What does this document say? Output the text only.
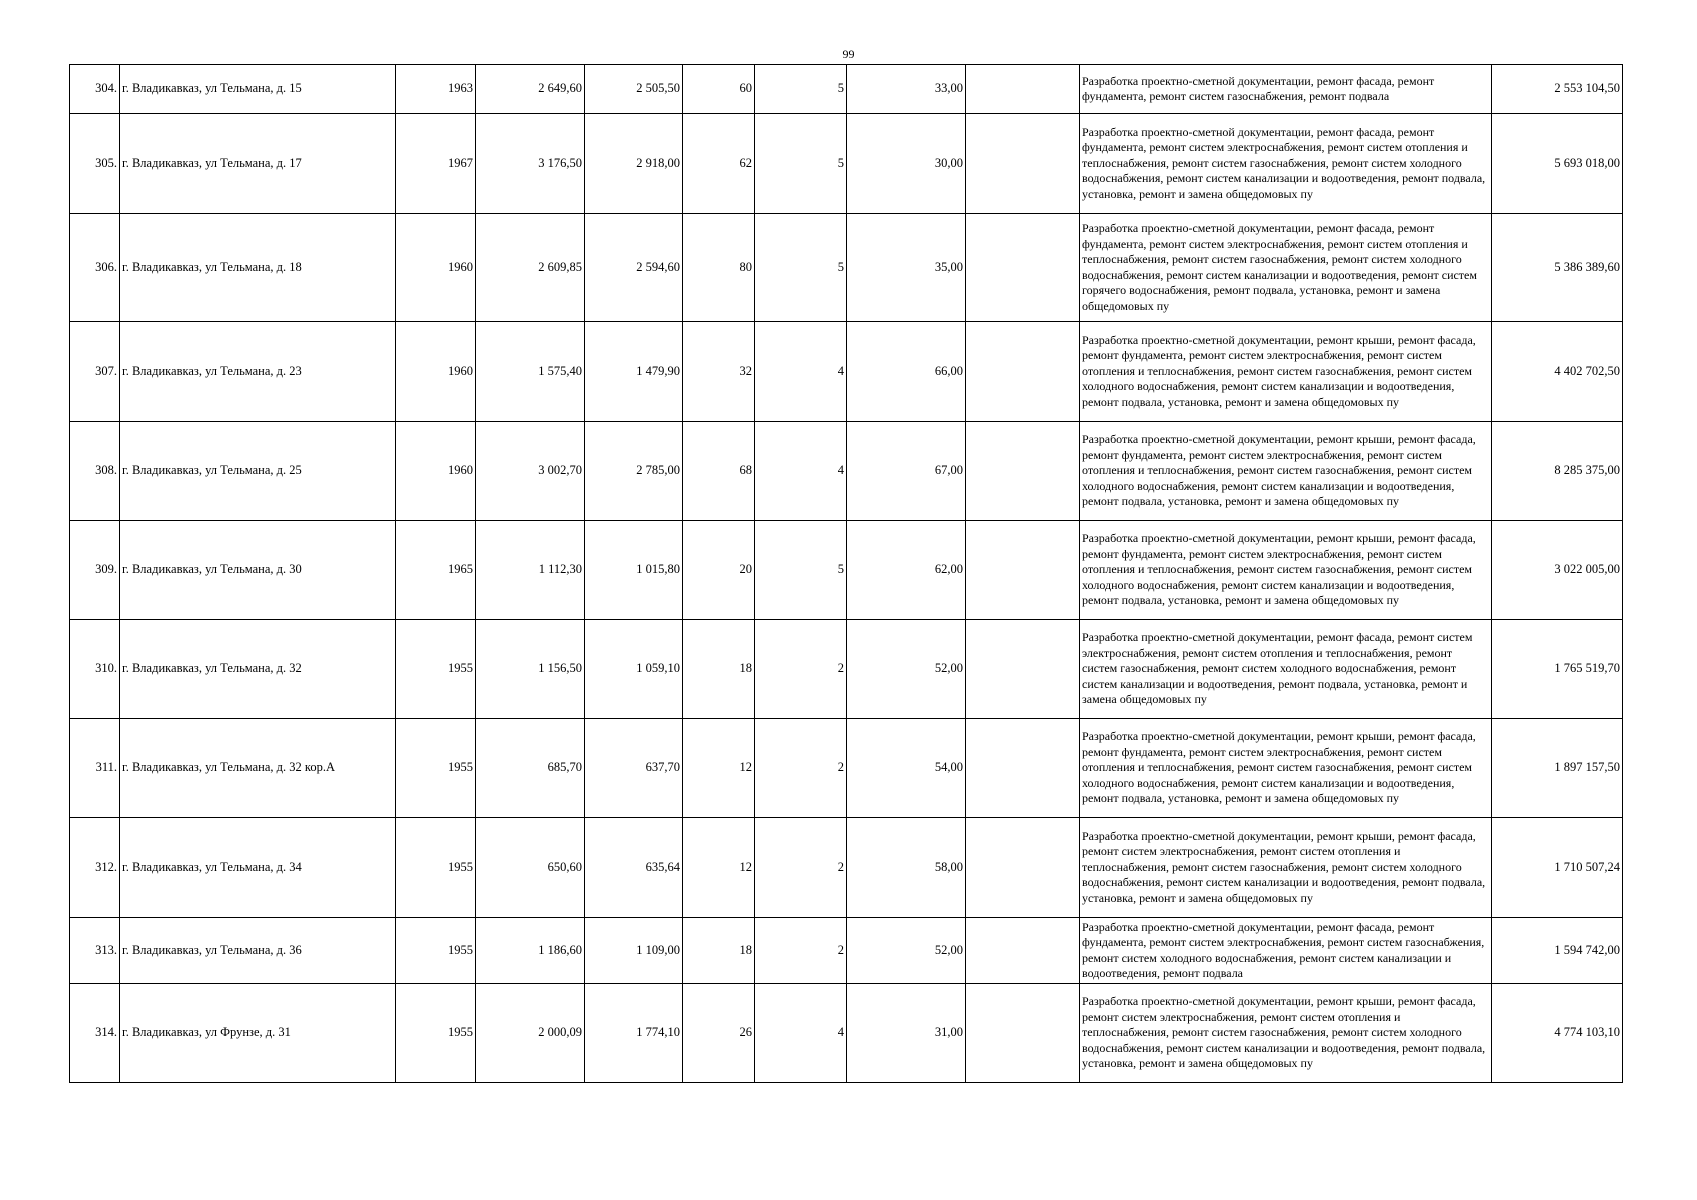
99
304.	г. Владикавказ, ул Тельмана, д. 15	1963	2 649,60	2 505,50	60	5	33,00		Разработка проектно-сметной документации, ремонт фасада, ремонт фундамента, ремонт систем газоснабжения, ремонт подвала	2 553 104,50
305.	г. Владикавказ, ул Тельмана, д. 17	1967	3 176,50	2 918,00	62	5	30,00		Разработка проектно-сметной документации, ремонт фасада, ремонт фундамента, ремонт систем электроснабжения, ремонт систем отопления и теплоснабжения, ремонт систем газоснабжения, ремонт систем холодного водоснабжения, ремонт систем канализации и водоотведения, ремонт подвала, установка, ремонт и замена общедомовых пу	5 693 018,00
306.	г. Владикавказ, ул Тельмана, д. 18	1960	2 609,85	2 594,60	80	5	35,00		Разработка проектно-сметной документации, ремонт фасада, ремонт фундамента, ремонт систем электроснабжения, ремонт систем отопления и теплоснабжения, ремонт систем газоснабжения, ремонт систем холодного водоснабжения, ремонт систем канализации и водоотведения, ремонт систем горячего водоснабжения, ремонт подвала, установка, ремонт и замена общедомовых пу	5 386 389,60
307.	г. Владикавказ, ул Тельмана, д. 23	1960	1 575,40	1 479,90	32	4	66,00		Разработка проектно-сметной документации, ремонт крыши, ремонт фасада, ремонт фундамента, ремонт систем электроснабжения, ремонт систем отопления и теплоснабжения, ремонт систем газоснабжения, ремонт систем холодного водоснабжения, ремонт систем канализации и водоотведения, ремонт подвала, установка, ремонт и замена общедомовых пу	4 402 702,50
308.	г. Владикавказ, ул Тельмана, д. 25	1960	3 002,70	2 785,00	68	4	67,00		Разработка проектно-сметной документации, ремонт крыши, ремонт фасада, ремонт фундамента, ремонт систем электроснабжения, ремонт систем отопления и теплоснабжения, ремонт систем газоснабжения, ремонт систем холодного водоснабжения, ремонт систем канализации и водоотведения, ремонт подвала, установка, ремонт и замена общедомовых пу	8 285 375,00
309.	г. Владикавказ, ул Тельмана, д. 30	1965	1 112,30	1 015,80	20	5	62,00		Разработка проектно-сметной документации, ремонт крыши, ремонт фасада, ремонт фундамента, ремонт систем электроснабжения, ремонт систем отопления и теплоснабжения, ремонт систем газоснабжения, ремонт систем холодного водоснабжения, ремонт систем канализации и водоотведения, ремонт подвала, установка, ремонт и замена общедомовых пу	3 022 005,00
310.	г. Владикавказ, ул Тельмана, д. 32	1955	1 156,50	1 059,10	18	2	52,00		Разработка проектно-сметной документации, ремонт фасада, ремонт систем электроснабжения, ремонт систем отопления и теплоснабжения, ремонт систем газоснабжения, ремонт систем холодного водоснабжения, ремонт систем канализации и водоотведения, ремонт подвала, установка, ремонт и замена общедомовых пу	1 765 519,70
311.	г. Владикавказ, ул Тельмана, д. 32 кор.А	1955	685,70	637,70	12	2	54,00		Разработка проектно-сметной документации, ремонт крыши, ремонт фасада, ремонт фундамента, ремонт систем электроснабжения, ремонт систем отопления и теплоснабжения, ремонт систем газоснабжения, ремонт систем холодного водоснабжения, ремонт систем канализации и водоотведения, ремонт подвала, установка, ремонт и замена общедомовых пу	1 897 157,50
312.	г. Владикавказ, ул Тельмана, д. 34	1955	650,60	635,64	12	2	58,00		Разработка проектно-сметной документации, ремонт крыши, ремонт фасада, ремонт систем электроснабжения, ремонт систем отопления и теплоснабжения, ремонт систем газоснабжения, ремонт систем холодного водоснабжения, ремонт систем канализации и водоотведения, ремонт подвала, установка, ремонт и замена общедомовых пу	1 710 507,24
313.	г. Владикавказ, ул Тельмана, д. 36	1955	1 186,60	1 109,00	18	2	52,00		Разработка проектно-сметной документации, ремонт фасада, ремонт фундамента, ремонт систем электроснабжения, ремонт систем газоснабжения, ремонт систем холодного водоснабжения, ремонт систем канализации и водоотведения, ремонт подвала	1 594 742,00
314.	г. Владикавказ, ул Фрунзе, д. 31	1955	2 000,09	1 774,10	26	4	31,00		Разработка проектно-сметной документации, ремонт крыши, ремонт фасада, ремонт систем электроснабжения, ремонт систем отопления и теплоснабжения, ремонт систем газоснабжения, ремонт систем холодного водоснабжения, ремонт систем канализации и водоотведения, ремонт подвала, установка, ремонт и замена общедомовых пу	4 774 103,10
